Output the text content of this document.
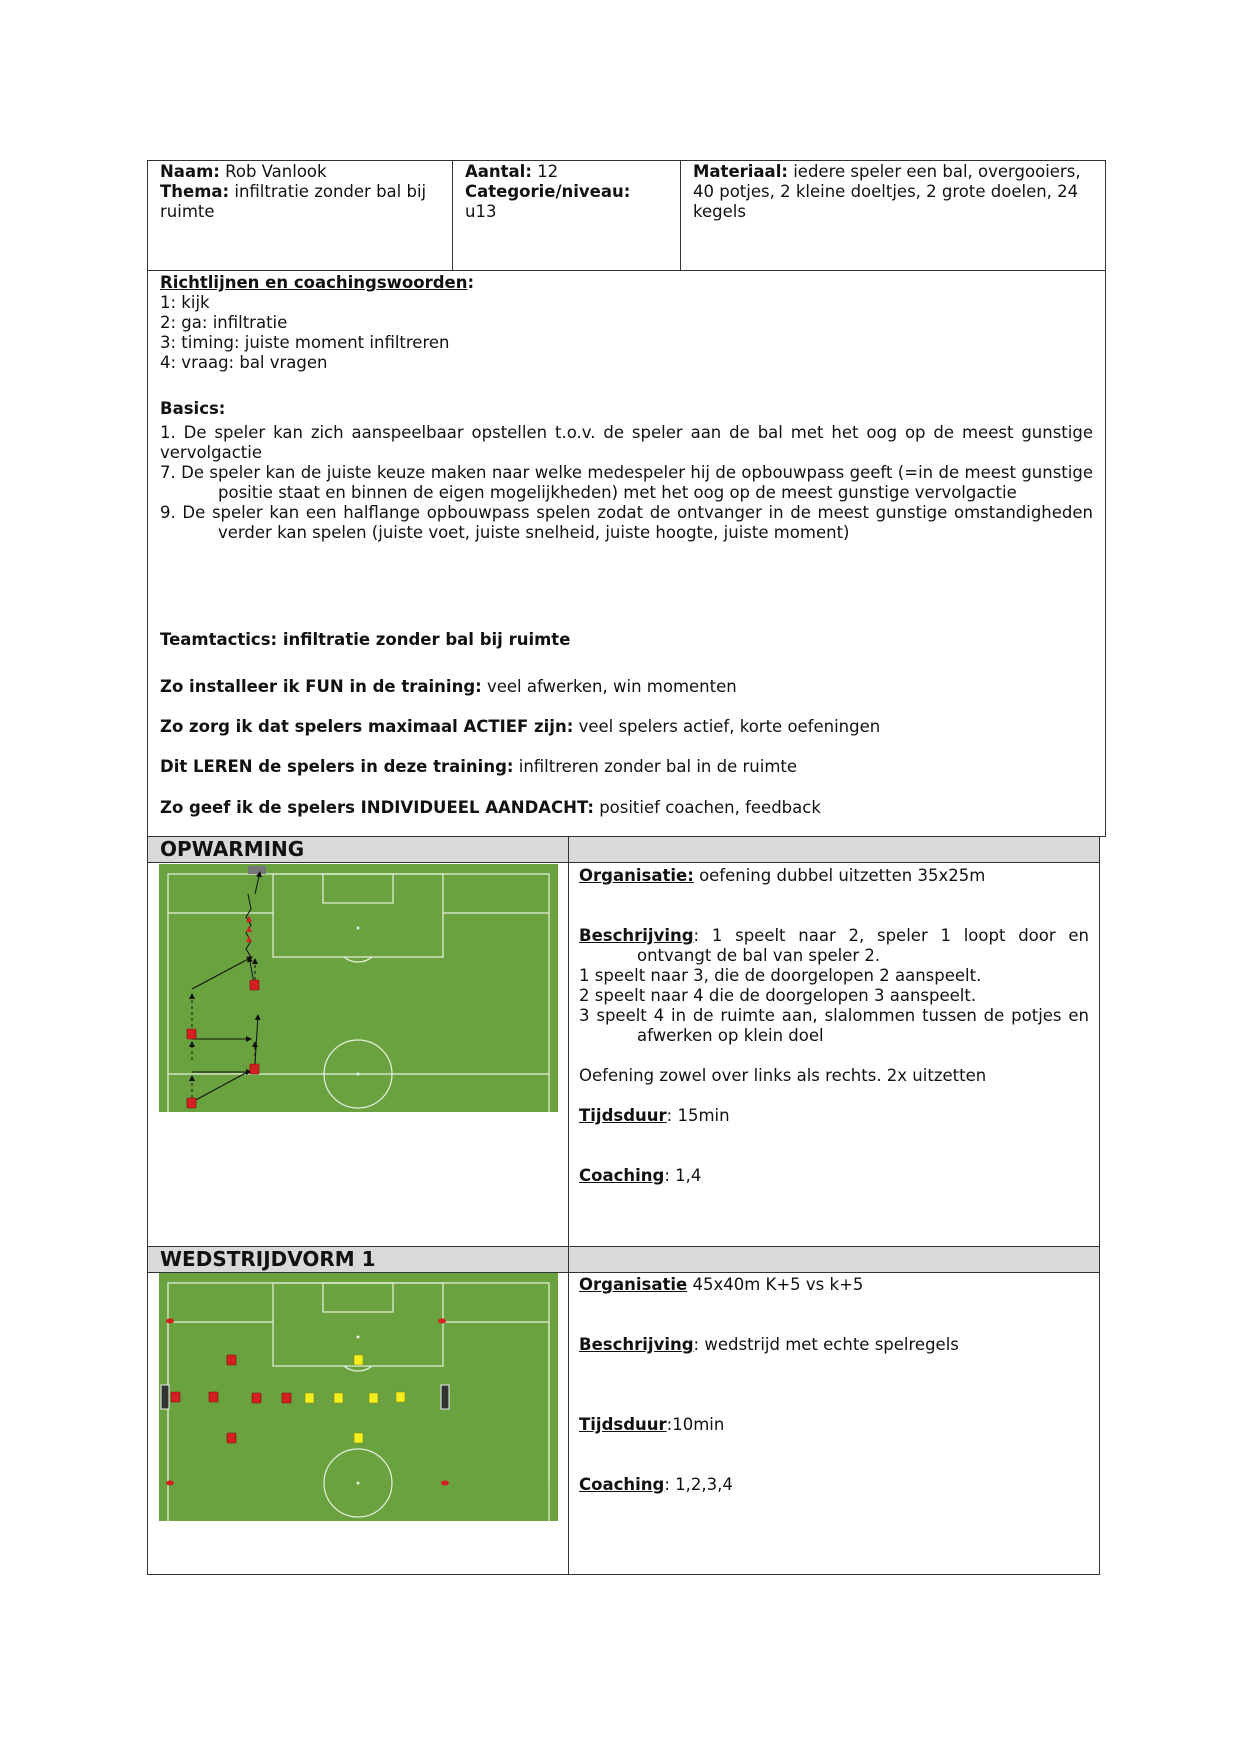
Naam: Rob Vanlook
Thema: infiltratie zonder bal bij
ruimte
Aantal: 12
Categorie/niveau:
u13
Materiaal: iedere speler een bal, overgooiers,
40 potjes, 2 kleine doeltjes, 2 grote doelen, 24
kegels
Richtlijnen en coachingswoorden:
1: kijk
2: ga: infiltratie
3: timing: juiste moment infiltreren
4: vraag: bal vragen
Basics:
1. De speler kan zich aanspeelbaar opstellen t.o.v. de speler aan de bal met het oog op de meest gunstige vervolgactie
7. De speler kan de juiste keuze maken naar welke medespeler hij de opbouwpass geeft (=in de meest gunstige positie staat en binnen de eigen mogelijkheden) met het oog op de meest gunstige vervolgactie
9. De speler kan een halflange opbouwpass spelen zodat de ontvanger in de meest gunstige omstandigheden verder kan spelen (juiste voet, juiste snelheid, juiste hoogte, juiste moment)
Teamtactics: infiltratie zonder bal bij ruimte
Zo installeer ik FUN in de training: veel afwerken, win momenten
Zo zorg ik dat spelers maximaal ACTIEF zijn: veel spelers actief, korte oefeningen
Dit LEREN de spelers in deze training: infiltreren zonder bal in de ruimte
Zo geef ik de spelers INDIVIDUEEL AANDACHT: positief coachen, feedback
OPWARMING
Organisatie: oefening dubbel uitzetten 35x25m
Beschrijving: 1 speelt naar 2, speler 1 loopt door en ontvangt de bal van speler 2.
1 speelt naar 3, die de doorgelopen 2 aanspeelt.
2 speelt naar 4 die de doorgelopen 3 aanspeelt.
3 speelt 4 in de ruimte aan, slalommen tussen de potjes en afwerken op klein doel
Oefening zowel over links als rechts. 2x uitzetten
Tijdsduur: 15min
Coaching: 1,4
WEDSTRIJDVORM 1
Organisatie 45x40m K+5 vs k+5
Beschrijving: wedstrijd met echte spelregels
Tijdsduur:10min
Coaching: 1,2,3,4
